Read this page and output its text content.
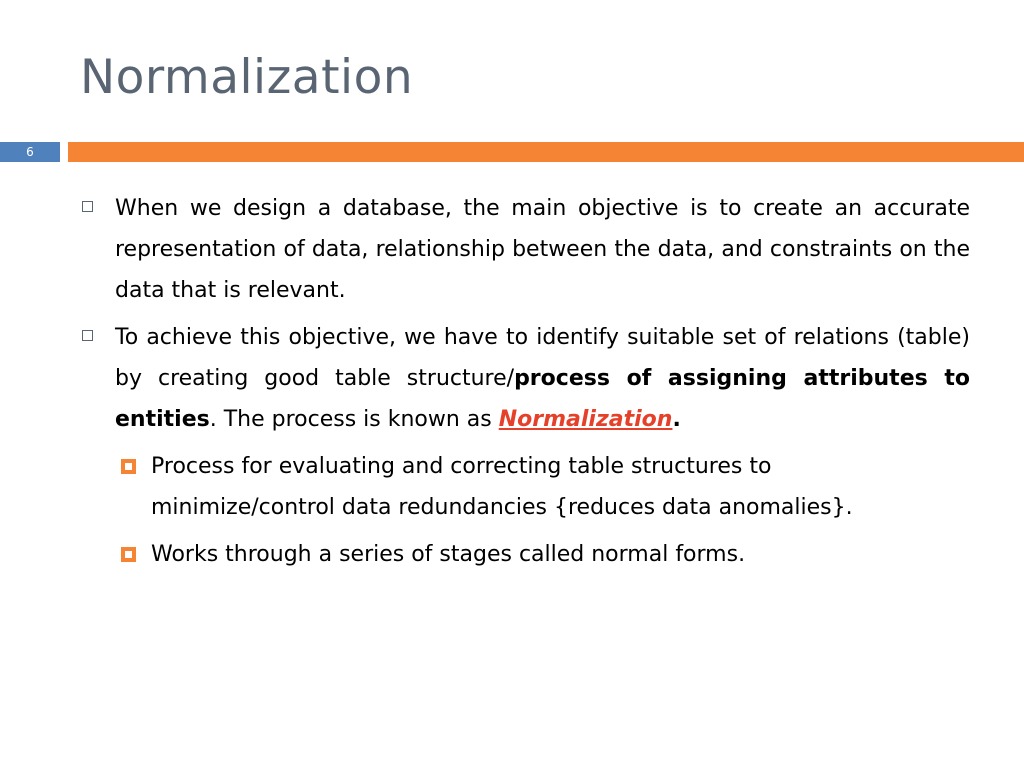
Normalization
6

When we design a database, the main objective is to create an accurate representation of data, relationship between the data, and constraints on the data that is relevant.

To achieve this objective, we have to identify suitable set of relations (table) by creating good table structure/process of assigning attributes to entities. The process is known as Normalization.

Process for evaluating and correcting table structures to minimize/control data redundancies {reduces data anomalies}.

Works through a series of stages called normal forms.
